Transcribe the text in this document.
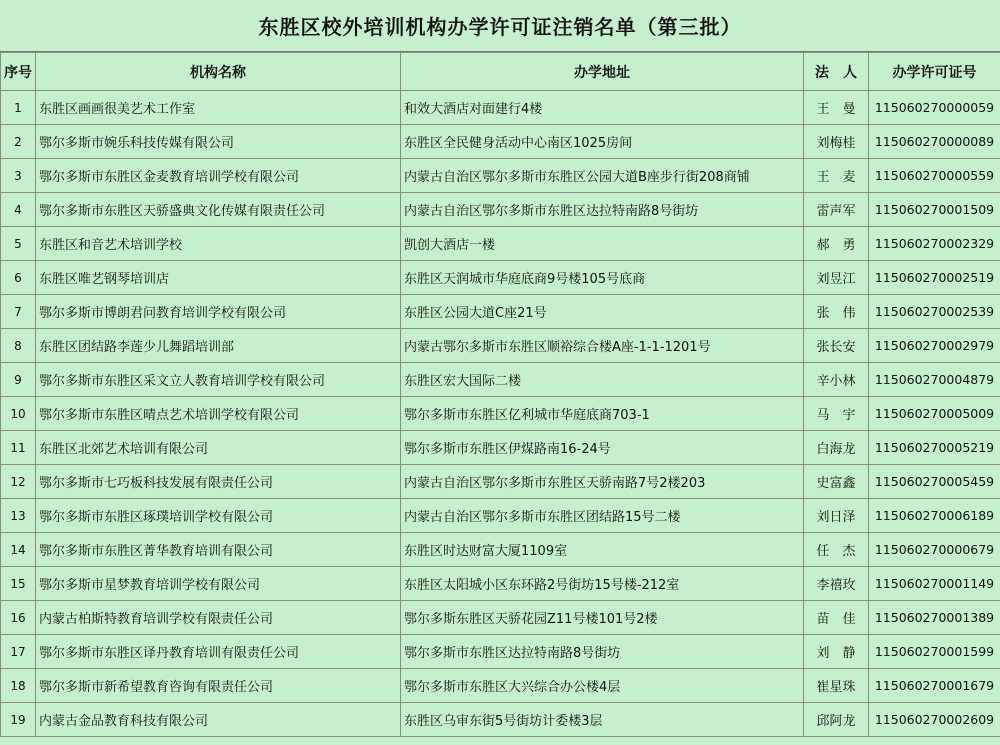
东胜区校外培训机构办学许可证注销名单（第三批）
序号	机构名称	办学地址	法　人	办学许可证号
1	东胜区画画很美艺术工作室	和效大酒店对面建行4楼	王　曼	115060270000059
2	鄂尔多斯市婉乐科技传媒有限公司	东胜区全民健身活动中心南区1025房间	刘梅桂	115060270000089
3	鄂尔多斯市东胜区金麦教育培训学校有限公司	内蒙古自治区鄂尔多斯市东胜区公园大道B座步行街208商铺	王　麦	115060270000559
4	鄂尔多斯市东胜区天骄盛典文化传媒有限责任公司	内蒙古自治区鄂尔多斯市东胜区达拉特南路8号街坊	雷声军	115060270001509
5	东胜区和音艺术培训学校	凯创大酒店一楼	郝　勇	115060270002329
6	东胜区唯艺钢琴培训店	东胜区天润城市华庭底商9号楼105号底商	刘昱江	115060270002519
7	鄂尔多斯市博朗君问教育培训学校有限公司	东胜区公园大道C座21号	张　伟	115060270002539
8	东胜区团结路李莲少儿舞蹈培训部	内蒙古鄂尔多斯市东胜区顺裕综合楼A座-1-1-1201号	张长安	115060270002979
9	鄂尔多斯市东胜区采文立人教育培训学校有限公司	东胜区宏大国际二楼	辛小林	115060270004879
10	鄂尔多斯市东胜区晴点艺术培训学校有限公司	鄂尔多斯市东胜区亿利城市华庭底商703-1	马　宇	115060270005009
11	东胜区北郊艺术培训有限公司	鄂尔多斯市东胜区伊煤路南16-24号	白海龙	115060270005219
12	鄂尔多斯市七巧板科技发展有限责任公司	内蒙古自治区鄂尔多斯市东胜区天骄南路7号2楼203	史富鑫	115060270005459
13	鄂尔多斯市东胜区琢璞培训学校有限公司	内蒙古自治区鄂尔多斯市东胜区团结路15号二楼	刘日泽	115060270006189
14	鄂尔多斯市东胜区菁华教育培训有限公司	东胜区时达财富大厦1109室	任　杰	115060270000679
15	鄂尔多斯市星梦教育培训学校有限公司	东胜区太阳城小区东环路2号街坊15号楼-212室	李禧玫	115060270001149
16	内蒙古柏斯特教育培训学校有限责任公司	鄂尔多斯东胜区天骄花园Z11号楼101号2楼	苗　佳	115060270001389
17	鄂尔多斯市东胜区译丹教育培训有限责任公司	鄂尔多斯市东胜区达拉特南路8号街坊	刘　静	115060270001599
18	鄂尔多斯市新希望教育咨询有限责任公司	鄂尔多斯市东胜区大兴综合办公楼4层	崔星珠	115060270001679
19	内蒙古金品教育科技有限公司	东胜区乌审东街5号街坊计委楼3层	邱阿龙	115060270002609
